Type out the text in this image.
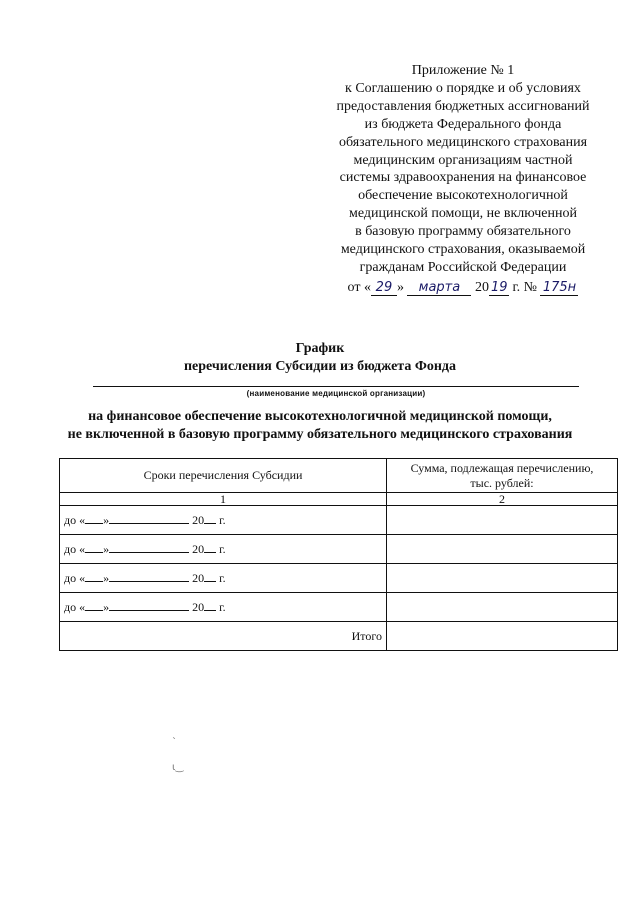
Приложение № 1
к Соглашению о порядке и об условиях
предоставления бюджетных ассигнований
из бюджета Федерального фонда
обязательного медицинского страхования
медицинским организациям частной
системы здравоохранения на финансовое
обеспечение высокотехнологичной
медицинской помощи, не включенной
в базовую программу обязательного
медицинского страхования, оказываемой
гражданам Российской Федерации
от « 29 » марта 20 19 г. № 175н
График
перечисления Субсидии из бюджета Фонда
(наименование медицинской организации)
на финансовое обеспечение высокотехнологичной медицинской помощи,
не включенной в базовую программу обязательного медицинского страхования
Сроки перечисления Субсидии	Сумма, подлежащая перечислению,
тыс. рублей:

1	2
до « » 20 г.	
до « » 20 г.	
до « » 20 г.	
до « » 20 г.	
Итого	
ˋ
ι‿
